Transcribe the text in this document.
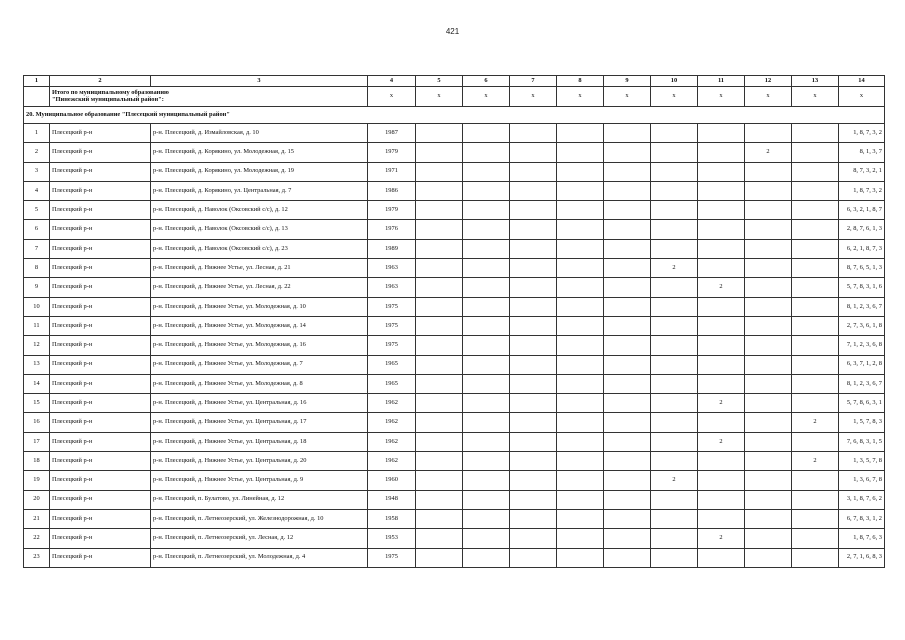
421
1	2	3	4	5	6	7	8	9	10	11	12	13	14

	Итого по муниципальному образованию
"Пинежский муниципальный район":		х	х	х	х	х	х	х	х	х	х	х
20. Муниципальное образование "Плесецкий муниципальный район"													
1	Плесецкий р-н	р-н. Плесецкий, д. Измайловская, д. 10	1987										1, 8, 7, 3, 2
2	Плесецкий р-н	р-н. Плесецкий, д. Корякино, ул. Молодежная, д. 15	1979								2		8, 1, 3, 7
3	Плесецкий р-н	р-н. Плесецкий, д. Корякино, ул. Молодежная, д. 19	1971										8, 7, 3, 2, 1
4	Плесецкий р-н	р-н. Плесецкий, д. Корякино, ул. Центральная, д. 7	1986										1, 8, 7, 3, 2
5	Плесецкий р-н	р-н. Плесецкий, д. Наволок (Оксовский с/с), д. 12	1979										6, 3, 2, 1, 8, 7
6	Плесецкий р-н	р-н. Плесецкий, д. Наволок (Оксовский с/с), д. 13	1976										2, 8, 7, 6, 1, 3
7	Плесецкий р-н	р-н. Плесецкий, д. Наволок (Оксовский с/с), д. 23	1989										6, 2, 1, 8, 7, 3
8	Плесецкий р-н	р-н. Плесецкий, д. Нижнее Устье, ул. Лесная, д. 21	1963						2				8, 7, 6, 5, 1, 3
9	Плесецкий р-н	р-н. Плесецкий, д. Нижнее Устье, ул. Лесная, д. 22	1963							2			5, 7, 8, 3, 1, 6
10	Плесецкий р-н	р-н. Плесецкий, д. Нижнее Устье, ул. Молодежная, д. 10	1975										8, 1, 2, 3, 6, 7
11	Плесецкий р-н	р-н. Плесецкий, д. Нижнее Устье, ул. Молодежная, д. 14	1975										2, 7, 3, 6, 1, 8
12	Плесецкий р-н	р-н. Плесецкий, д. Нижнее Устье, ул. Молодежная, д. 16	1975										7, 1, 2, 3, 6, 8
13	Плесецкий р-н	р-н. Плесецкий, д. Нижнее Устье, ул. Молодежная, д. 7	1965										6, 3, 7, 1, 2, 8
14	Плесецкий р-н	р-н. Плесецкий, д. Нижнее Устье, ул. Молодежная, д. 8	1965										8, 1, 2, 3, 6, 7
15	Плесецкий р-н	р-н. Плесецкий, д. Нижнее Устье, ул. Центральная, д. 16	1962							2			5, 7, 8, 6, 3, 1
16	Плесецкий р-н	р-н. Плесецкий, д. Нижнее Устье, ул. Центральная, д. 17	1962									2	1, 5, 7, 8, 3
17	Плесецкий р-н	р-н. Плесецкий, д. Нижнее Устье, ул. Центральная, д. 18	1962							2			7, 6, 8, 3, 1, 5
18	Плесецкий р-н	р-н. Плесецкий, д. Нижнее Устье, ул. Центральная, д. 20	1962									2	1, 3, 5, 7, 8
19	Плесецкий р-н	р-н. Плесецкий, д. Нижнее Устье, ул. Центральная, д. 9	1960						2				1, 3, 6, 7, 8
20	Плесецкий р-н	р-н. Плесецкий, п. Булатово, ул. Линейная, д. 12	1948										3, 1, 8, 7, 6, 2
21	Плесецкий р-н	р-н. Плесецкий, п. Летнеозерский, ул. Железнодорожная, д. 10	1958										6, 7, 8, 3, 1, 2
22	Плесецкий р-н	р-н. Плесецкий, п. Летнеозерский, ул. Лесная, д. 12	1953							2			1, 8, 7, 6, 3
23	Плесецкий р-н	р-н. Плесецкий, п. Летнеозерский, ул. Молодежная, д. 4	1975										2, 7, 1, 6, 8, 3
